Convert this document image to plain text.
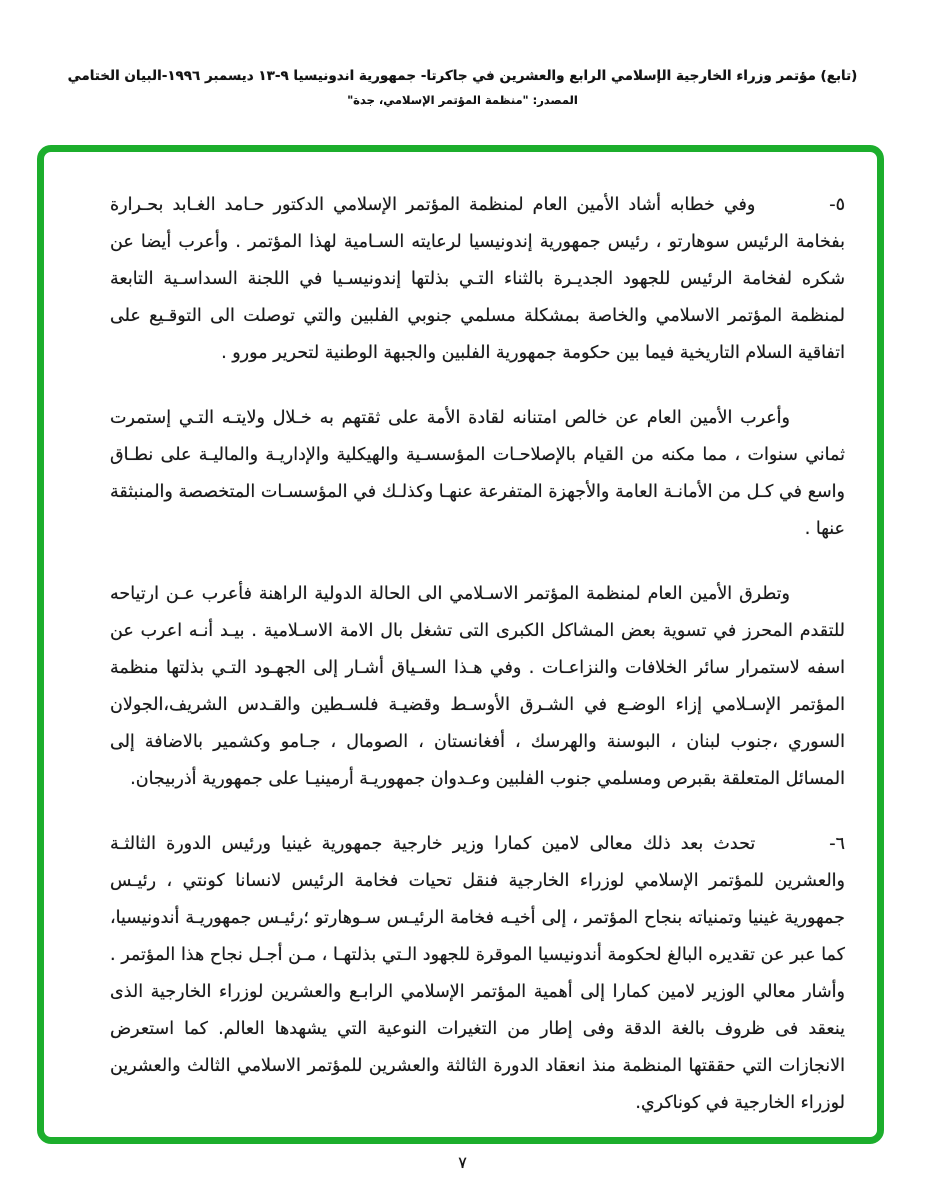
(تابع) مؤتمر وزراء الخارجية الإسلامي الرابع والعشرين في جاكرتا- جمهورية اندونيسيا ٩-١٣ ديسمبر ١٩٩٦-البيان الختامي
المصدر: "منظمة المؤتمر الإسلامي، جدة"

٥-وفي خطابه أشاد الأمين العام لمنظمة المؤتمر الإسلامي الدكتور حـامد الغـابد بحـرارة بفخامة الرئيس سوهارتو ، رئيس جمهورية إندونيسيا لرعايته السـامية لهذا المؤتمر . وأعرب أيضا عن شكره لفخامة الرئيس للجهود الجديـرة بالثناء التـي بذلتها إندونيسـيا في اللجنة السداسـية التابعة لمنظمة المؤتمر الاسلامي والخاصة بمشكلة مسلمي جنوبي الفلبين والتي توصلت الى التوقـيع على اتفاقية السلام التاريخية فيما بين حكومة جمهورية الفلبين والجبهة الوطنية لتحرير مورو .

وأعرب الأمين العام عن خالص امتنانه لقادة الأمة على ثقتهم به خـلال ولايتـه التـي إستمرت ثماني سنوات ، مما مكنه من القيام بالإصلاحـات المؤسسـية والهيكلية والإداريـة والماليـة على نطـاق واسع في كـل من الأمانـة العامة والأجهزة المتفرعة عنهـا وكذلـك في المؤسسـات المتخصصة والمنبثقة عنها .

وتطرق الأمين العام لمنظمة المؤتمر الاسـلامي الى الحالة الدولية الراهنة فأعرب عـن ارتياحه للتقدم المحرز في تسوية بعض المشاكل الكبرى التى تشغل بال الامة الاسـلامية . بيـد أنـه اعرب عن اسفه لاستمرار سائر الخلافات والنزاعـات . وفي هـذا السـياق أشـار إلى الجهـود التـي بذلتها منظمة المؤتمر الإسـلامي إزاء الوضـع في الشـرق الأوسـط وقضيـة فلسـطين والقـدس الشريف،الجولان السوري ،جنوب لبنان ، البوسنة والهرسك ، أفغانستان ، الصومال ، جـامو وكشمير بالاضافة إلى المسائل المتعلقة بقبرص ومسلمي جنوب الفلبين وعـدوان جمهوريـة أرمينيـا على جمهورية أذربيجان.

٦-تحدث بعد ذلك معالى لامين كمارا وزير خارجية جمهورية غينيا ورئيس الدورة الثالثـة والعشرين للمؤتمر الإسلامي لوزراء الخارجية فنقل تحيات فخامة الرئيس لانسانا كونتي ، رئيـس جمهورية غينيا وتمنياته بنجاح المؤتمر ، إلى أخيـه فخامة الرئيـس سـوهارتو ؛رئيـس جمهوريـة أندونيسيا، كما عبر عن تقديره البالغ لحكومة أندونيسيا الموقرة للجهود الـتي بذلتهـا ، مـن أجـل نجاح هذا المؤتمر . وأشار معالي الوزير لامين كمارا إلى أهمية المؤتمر الإسلامي الرابـع والعشرين لوزراء الخارجية الذى ينعقد فى ظروف بالغة الدقة وفى إطار من التغيرات النوعية التي يشهدها العالم. كما استعرض الانجازات التي حققتها المنظمة منذ انعقاد الدورة الثالثة والعشرين للمؤتمر الاسلامي الثالث والعشرين لوزراء الخارجية في كوناكري.

٧
